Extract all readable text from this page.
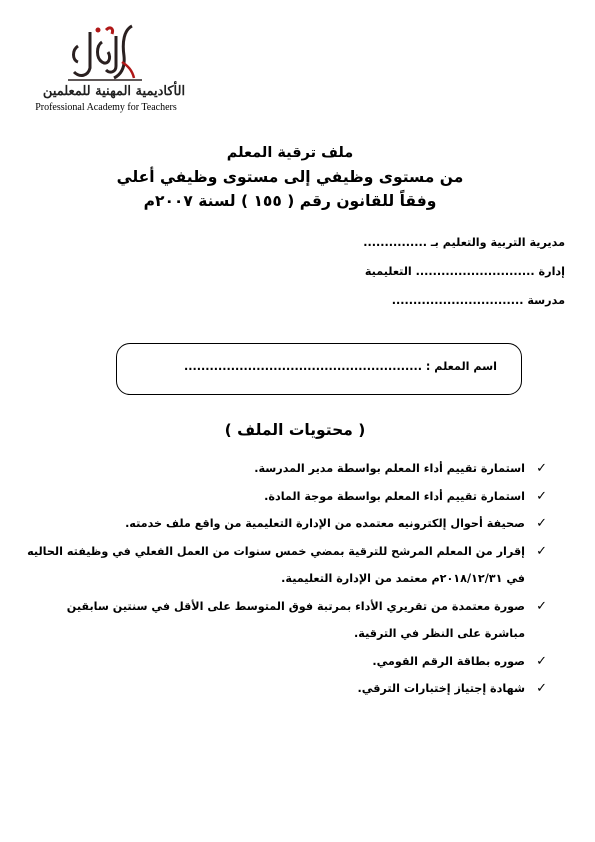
الأكاديمية المهنية للمعلمين
Professional Academy for Teachers
ملف ترقية المعلم
من مستوى وظيفي إلى مستوى وظيفي أعلي
وفقاً للقانون رقم ( ١٥٥ ) لسنة ٢٠٠٧م
مديرية التربية والتعليم بـ ...............
إدارة ............................ التعليمية
مدرسة ...............................
اسم المعلم : ........................................................
( محتويات الملف )
✓
استمارة تقييم أداء المعلم بواسطة مدير المدرسة.
✓
استمارة تقييم أداء المعلم بواسطة موجة المادة.
✓
صحيفة أحوال إلكترونيه معتمده من الإدارة التعليمية من واقع ملف خدمته.
✓
إقرار من المعلم المرشح للترقية بمضي خمس سنوات من العمل الفعلي في وظيفته الحاليه في ٢٠١٨/١٢/٣١م معتمد من الإدارة التعليمية.
✓
صورة معتمدة من تقريري الأداء بمرتبة فوق المتوسط على الأقل في سنتين سابقين مباشرة على النظر في الترقية.
✓
صوره بطاقة الرقم القومي.
✓
شهادة إجتياز إختبارات الترقي.
